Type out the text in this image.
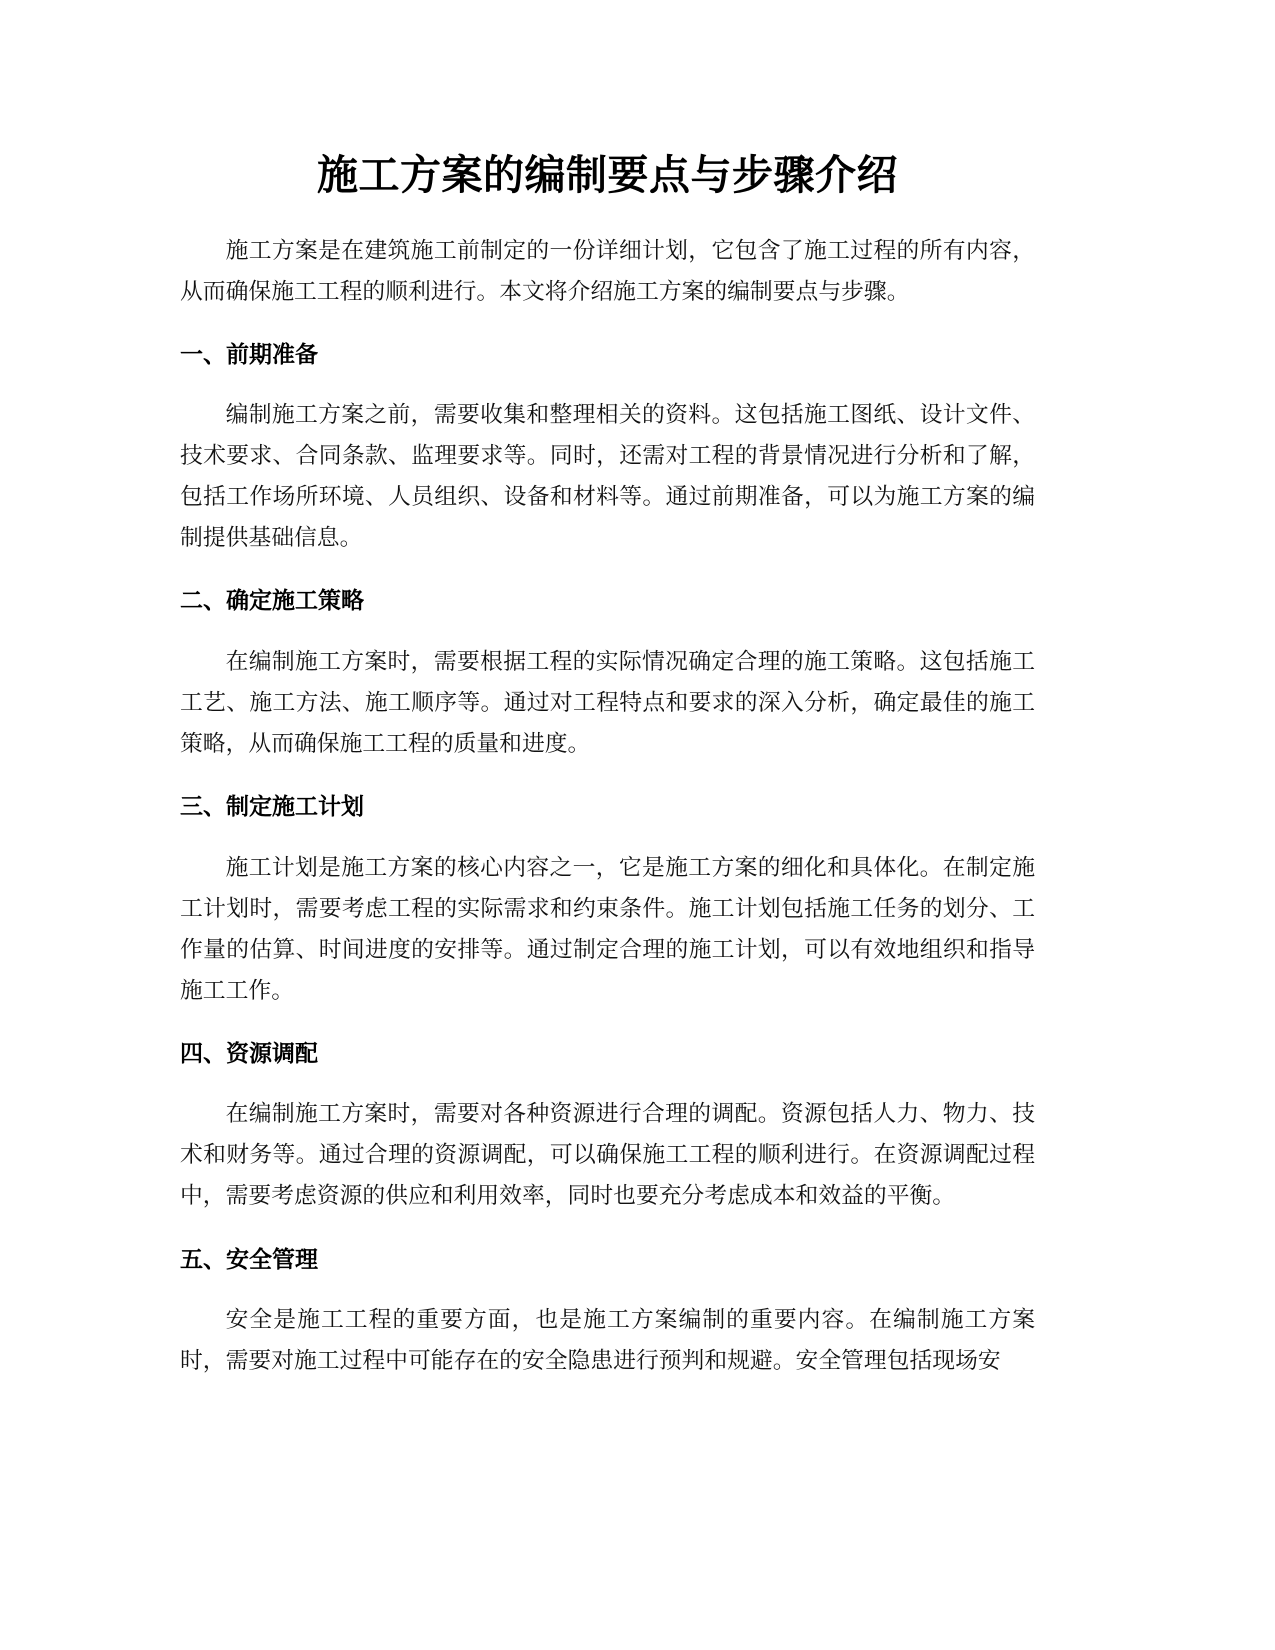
施工方案的编制要点与步骤介绍

施工方案是在建筑施工前制定的一份详细计划，它包含了施工过程的所有内容，从而确保施工工程的顺利进行。本文将介绍施工方案的编制要点与步骤。

一、前期准备

编制施工方案之前，需要收集和整理相关的资料。这包括施工图纸、设计文件、技术要求、合同条款、监理要求等。同时，还需对工程的背景情况进行分析和了解，包括工作场所环境、人员组织、设备和材料等。通过前期准备，可以为施工方案的编制提供基础信息。

二、确定施工策略

在编制施工方案时，需要根据工程的实际情况确定合理的施工策略。这包括施工工艺、施工方法、施工顺序等。通过对工程特点和要求的深入分析，确定最佳的施工策略，从而确保施工工程的质量和进度。

三、制定施工计划

施工计划是施工方案的核心内容之一，它是施工方案的细化和具体化。在制定施工计划时，需要考虑工程的实际需求和约束条件。施工计划包括施工任务的划分、工作量的估算、时间进度的安排等。通过制定合理的施工计划，可以有效地组织和指导施工工作。

四、资源调配

在编制施工方案时，需要对各种资源进行合理的调配。资源包括人力、物力、技术和财务等。通过合理的资源调配，可以确保施工工程的顺利进行。在资源调配过程中，需要考虑资源的供应和利用效率，同时也要充分考虑成本和效益的平衡。

五、安全管理

安全是施工工程的重要方面，也是施工方案编制的重要内容。在编制施工方案时，需要对施工过程中可能存在的安全隐患进行预判和规避。安全管理包括现场安
